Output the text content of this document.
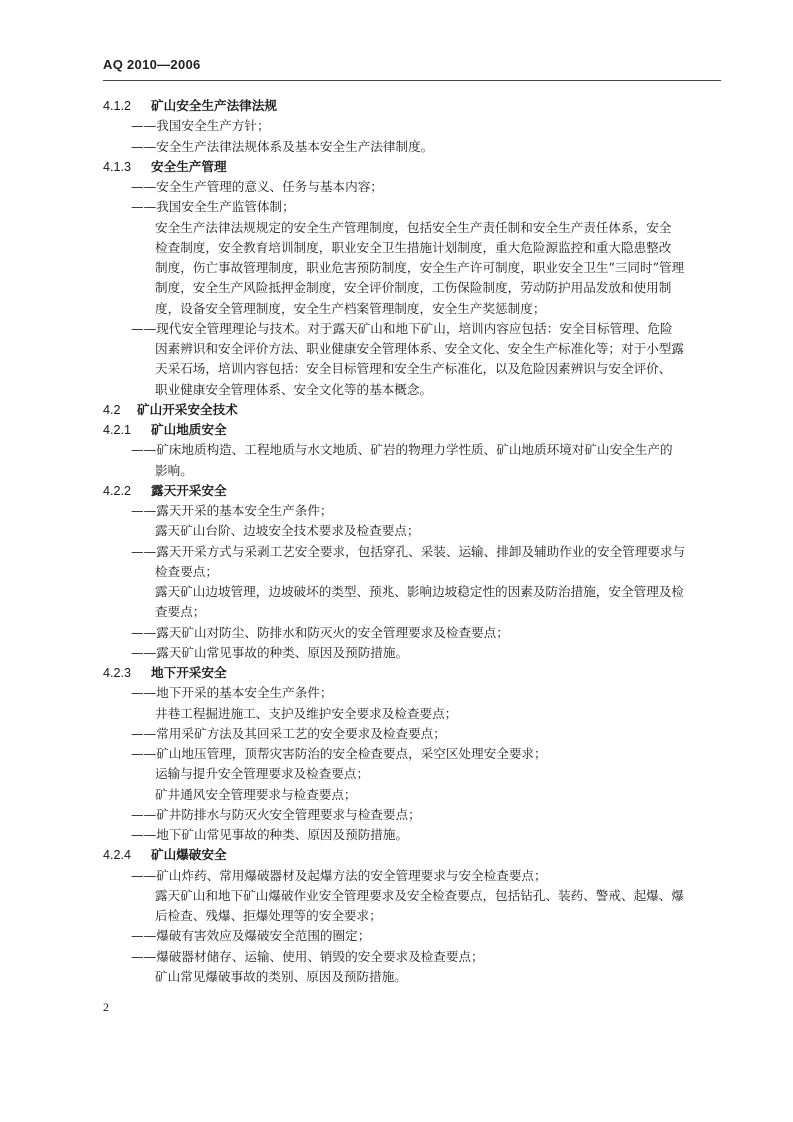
AQ 2010—2006
4.1.2 矿山安全生产法律法规
——我国安全生产方针；
——安全生产法律法规体系及基本安全生产法律制度。
4.1.3 安全生产管理
——安全生产管理的意义、任务与基本内容；
——我国安全生产监管体制；
安全生产法律法规规定的安全生产管理制度，包括安全生产责任制和安全生产责任体系，安全
检查制度，安全教育培训制度，职业安全卫生措施计划制度，重大危险源监控和重大隐患整改
制度，伤亡事故管理制度，职业危害预防制度，安全生产许可制度，职业安全卫生“三同时”管理
制度，安全生产风险抵押金制度，安全评价制度，工伤保险制度，劳动防护用品发放和使用制
度，设备安全管理制度，安全生产档案管理制度，安全生产奖惩制度；
——现代安全管理理论与技术。对于露天矿山和地下矿山，培训内容应包括：安全目标管理、危险
因素辨识和安全评价方法、职业健康安全管理体系、安全文化、安全生产标准化等；对于小型露
天采石场，培训内容包括：安全目标管理和安全生产标准化，以及危险因素辨识与安全评价、
职业健康安全管理体系、安全文化等的基本概念。
4.2 矿山开采安全技术
4.2.1 矿山地质安全
——矿床地质构造、工程地质与水文地质、矿岩的物理力学性质、矿山地质环境对矿山安全生产的
影响。
4.2.2 露天开采安全
——露天开采的基本安全生产条件；
露天矿山台阶、边坡安全技术要求及检查要点；
——露天开采方式与采剥工艺安全要求，包括穿孔、采装、运输、排卸及辅助作业的安全管理要求与
检查要点；
露天矿山边坡管理，边坡破坏的类型、预兆、影响边坡稳定性的因素及防治措施，安全管理及检
查要点；
——露天矿山对防尘、防排水和防灭火的安全管理要求及检查要点；
——露天矿山常见事故的种类、原因及预防措施。
4.2.3 地下开采安全
——地下开采的基本安全生产条件；
井巷工程掘进施工、支护及维护安全要求及检查要点；
——常用采矿方法及其回采工艺的安全要求及检查要点；
——矿山地压管理，顶帮灾害防治的安全检查要点，采空区处理安全要求；
运输与提升安全管理要求及检查要点；
矿井通风安全管理要求与检查要点；
——矿井防排水与防灭火安全管理要求与检查要点；
——地下矿山常见事故的种类、原因及预防措施。
4.2.4 矿山爆破安全
——矿山炸药、常用爆破器材及起爆方法的安全管理要求与安全检查要点；
露天矿山和地下矿山爆破作业安全管理要求及安全检查要点，包括钻孔、装药、警戒、起爆、爆
后检查、残爆、拒爆处理等的安全要求；
——爆破有害效应及爆破安全范围的圈定；
——爆破器材储存、运输、使用、销毁的安全要求及检查要点；
矿山常见爆破事故的类别、原因及预防措施。
2
